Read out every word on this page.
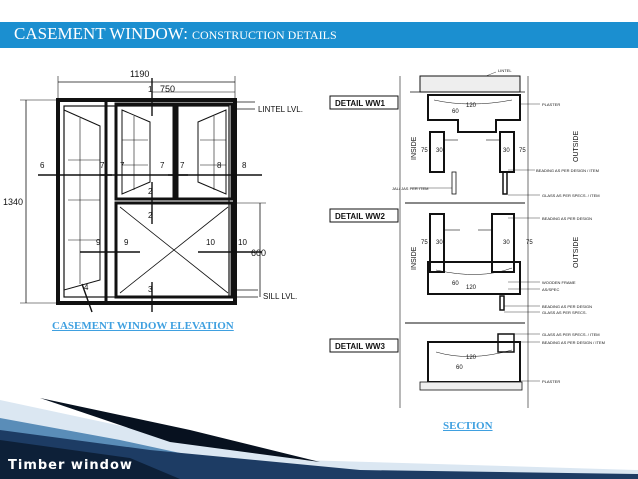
CASEMENT WINDOW: CONSTRUCTION DETAILS
1190
750
1340
600
LINTEL LVL.
SILL LVL.
1
2
2
3
4
6	7 7	7 7	8	8
9	9	10	10
DETAIL WW1
DETAIL WW2
DETAIL WW3
INSIDE
INSIDE
OUTSIDE
OUTSIDE
120
60
30	30
75	75
75 30	30	75
60
120
120
60
LINTEL
PLASTER
BEADING AS PER DESIGN / ITEM
GLASS AS PER SPECS. / ITEM
JAL/ JAS PER ITEM
BEADING AS PER DESIGN
WOODEN FRAME
AS/SPEC
BEADING AS PER DESIGN
GLASS AS PER SPECS.
GLASS AS PER SPECS. / ITEM
BEADING AS PER DESIGN / ITEM
PLASTER
CASEMENT WINDOW ELEVATION
SECTION
Timber window
